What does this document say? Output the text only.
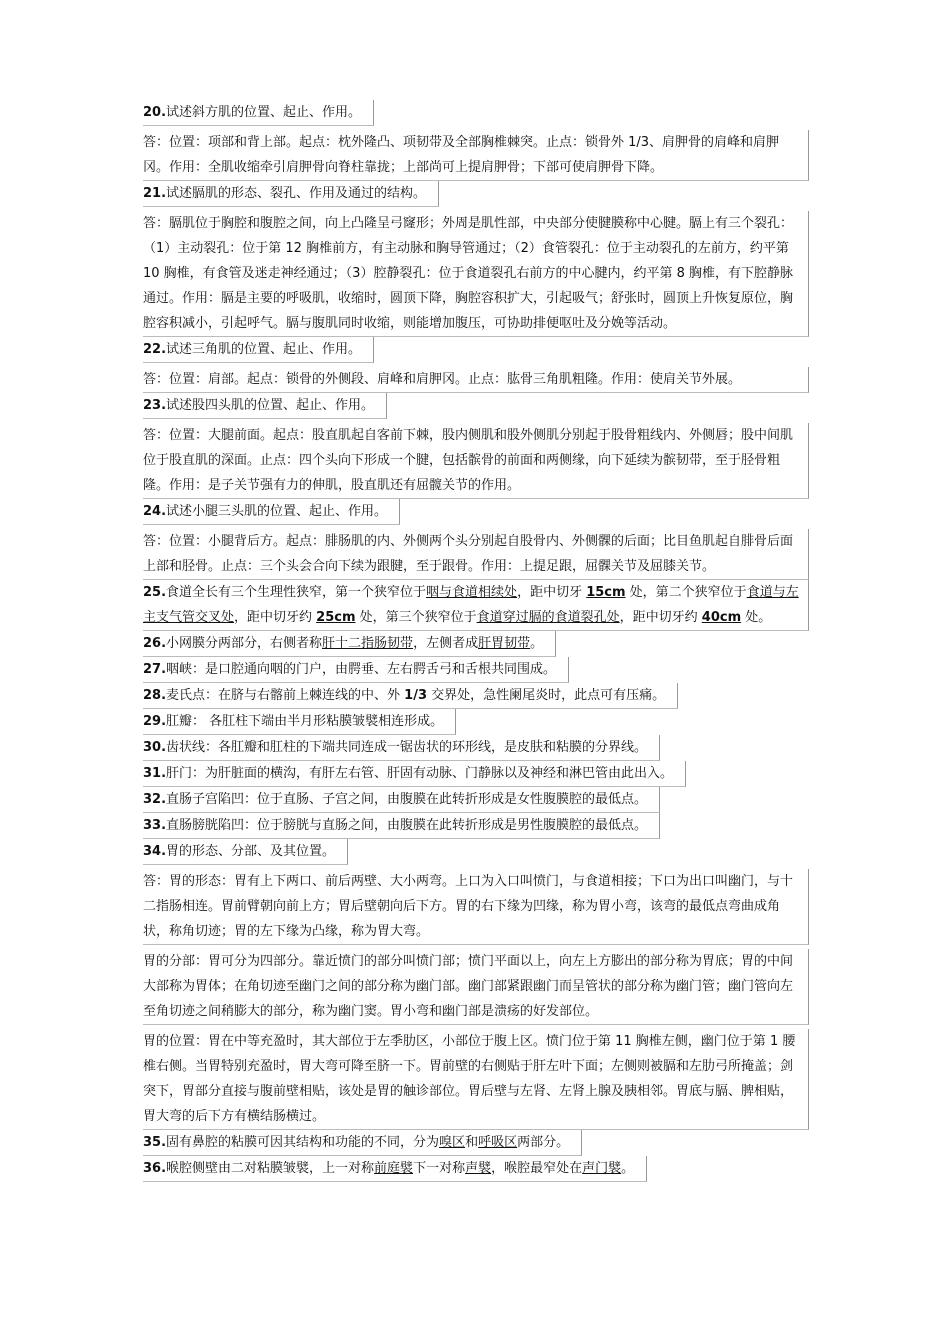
20.试述斜方肌的位置、起止、作用。
答：位置：项部和背上部。起点：枕外隆凸、项韧带及全部胸椎棘突。止点：锁骨外 1/3、肩胛骨的肩峰和肩胛冈。作用：全肌收缩牵引肩胛骨向脊柱靠拢；上部尚可上提肩胛骨；下部可使肩胛骨下降。
21.试述膈肌的形态、裂孔、作用及通过的结构。
答：膈肌位于胸腔和腹腔之间，向上凸隆呈弓窿形；外周是肌性部，中央部分使腱膜称中心腱。膈上有三个裂孔：（1）主动裂孔：位于第 12 胸椎前方，有主动脉和胸导管通过；（2）食管裂孔：位于主动裂孔的左前方，约平第 10 胸椎，有食管及迷走神经通过；（3）腔静裂孔：位于食道裂孔右前方的中心腱内，约平第 8 胸椎，有下腔静脉通过。作用：膈是主要的呼吸肌，收缩时，圆顶下降，胸腔容积扩大，引起吸气；舒张时，圆顶上升恢复原位，胸腔容积减小，引起呼气。膈与腹肌同时收缩，则能增加腹压，可协助排便呕吐及分娩等活动。
22.试述三角肌的位置、起止、作用。
答：位置：肩部。起点：锁骨的外侧段、肩峰和肩胛冈。止点：肱骨三角肌粗隆。作用：使肩关节外展。
23.试述股四头肌的位置、起止、作用。
答：位置：大腿前面。起点：股直肌起自客前下棘，股内侧肌和股外侧肌分别起于股骨粗线内、外侧唇；股中间肌位于股直肌的深面。止点：四个头向下形成一个腱，包括髌骨的前面和两侧缘，向下延续为髌韧带，至于胫骨粗隆。作用：是子关节强有力的伸肌，股直肌还有屈髋关节的作用。
24.试述小腿三头肌的位置、起止、作用。
答：位置：小腿背后方。起点：腓肠肌的内、外侧两个头分别起自股骨内、外侧髁的后面；比目鱼肌起自腓骨后面上部和胫骨。止点：三个头会合向下续为跟腱，至于跟骨。作用：上提足跟，屈髁关节及屈膝关节。
25.食道全长有三个生理性狭窄，第一个狭窄位于咽与食道相续处，距中切牙 15cm 处，第二个狭窄位于食道与左主支气管交叉处，距中切牙约 25cm 处，第三个狭窄位于食道穿过膈的食道裂孔处，距中切牙约 40cm 处。
26.小网膜分两部分，右侧者称肝十二指肠韧带，左侧者成肝胃韧带。
27.咽峡：是口腔通向咽的门户，由腭垂、左右腭舌弓和舌根共同围成。
28.麦氏点：在脐与右髂前上棘连线的中、外 1/3 交界处，急性阑尾炎时，此点可有压痛。
29.肛瓣： 各肛柱下端由半月形粘膜皱襞相连形成。
30.齿状线：各肛瓣和肛柱的下端共同连成一锯齿状的环形线，是皮肤和粘膜的分界线。
31.肝门：为肝脏面的横沟，有肝左右管、肝固有动脉、门静脉以及神经和淋巴管由此出入。
32.直肠子宫陷凹：位于直肠、子宫之间，由腹膜在此转折形成是女性腹膜腔的最低点。
33.直肠膀胱陷凹：位于膀胱与直肠之间，由腹膜在此转折形成是男性腹膜腔的最低点。
34.胃的形态、分部、及其位置。
答：胃的形态：胃有上下两口、前后两壁、大小两弯。上口为入口叫愤门，与食道相接；下口为出口叫幽门，与十二指肠相连。胃前臂朝向前上方；胃后壁朝向后下方。胃的右下缘为凹缘，称为胃小弯，该弯的最低点弯曲成角状，称角切迹；胃的左下缘为凸缘，称为胃大弯。
胃的分部：胃可分为四部分。靠近愤门的部分叫愤门部；愤门平面以上，向左上方膨出的部分称为胃底；胃的中间大部称为胃体；在角切迹至幽门之间的部分称为幽门部。幽门部紧跟幽门而呈管状的部分称为幽门管；幽门管向左至角切迹之间稍膨大的部分，称为幽门窦。胃小弯和幽门部是溃疡的好发部位。
胃的位置：胃在中等充盈时，其大部位于左季肋区，小部位于腹上区。愤门位于第 11 胸椎左侧，幽门位于第 1 腰椎右侧。当胃特别充盈时，胃大弯可降至脐一下。胃前壁的右侧贴于肝左叶下面；左侧则被膈和左肋弓所掩盖；剑突下，胃部分直接与腹前壁相贴，该处是胃的触诊部位。胃后壁与左肾、左肾上腺及胰相邻。胃底与膈、脾相贴，胃大弯的后下方有横结肠横过。
35.固有鼻腔的粘膜可因其结构和功能的不同，分为嗅区和呼吸区两部分。
36.喉腔侧壁由二对粘膜皱襞，上一对称前庭襞下一对称声襞，喉腔最窄处在声门襞。
